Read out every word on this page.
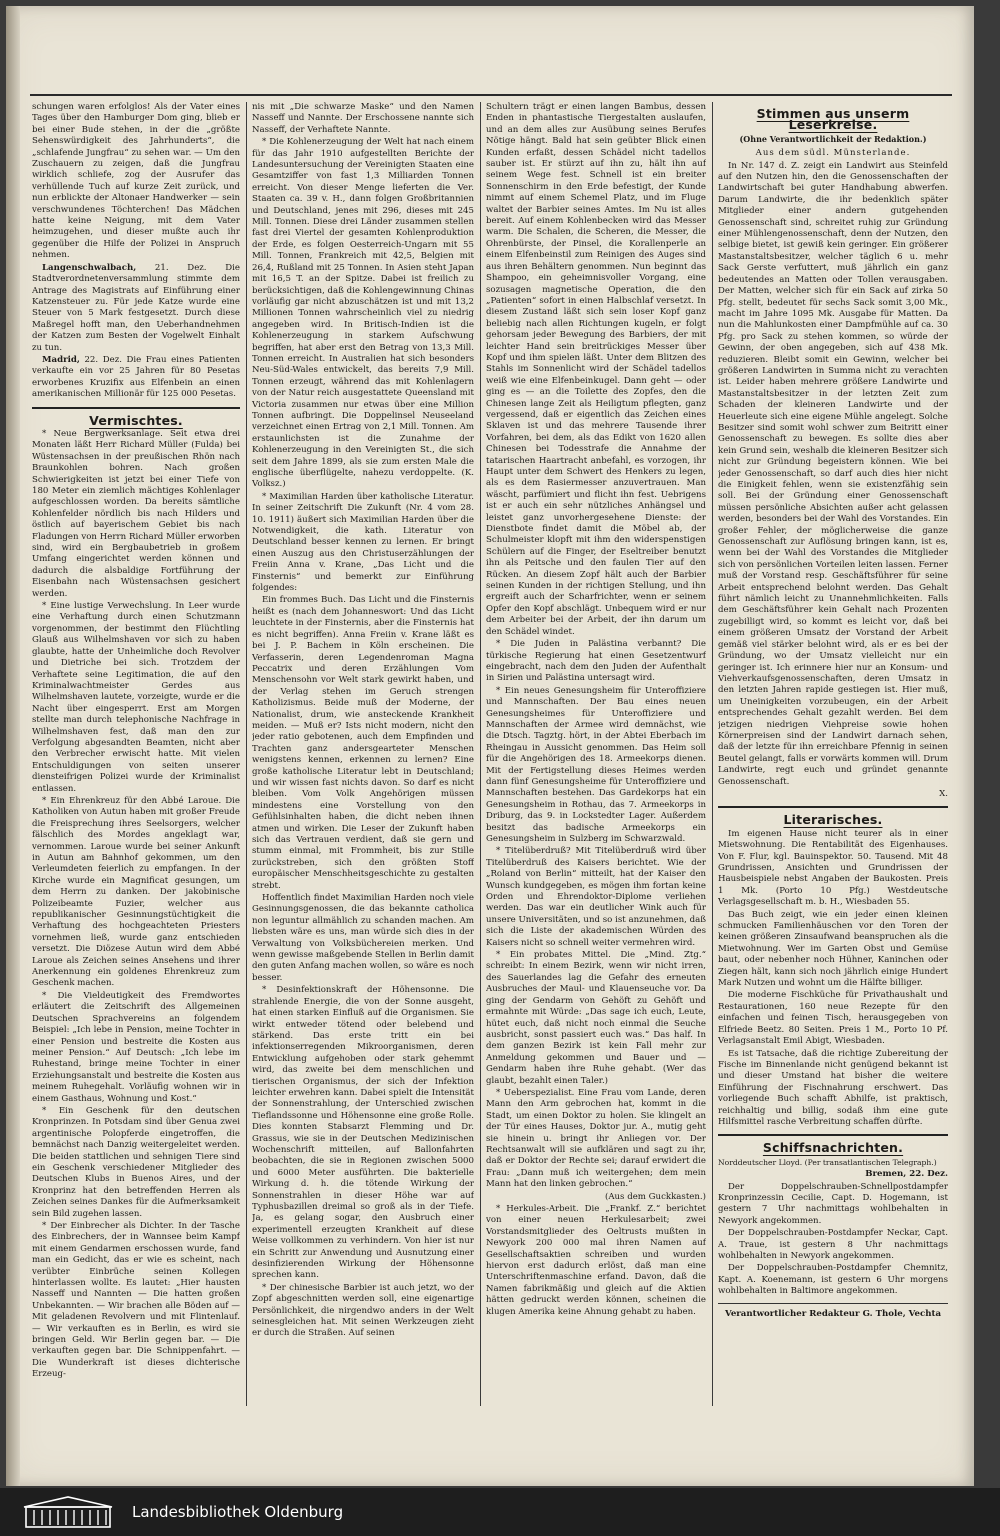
schungen waren erfolglos! Als der Vater eines Tages über den Hamburger Dom ging, blieb er bei einer Bude stehen, in der die „größte Sehenswürdigkeit des Jahrhunderts“, die „schlafende Jungfrau“ zu sehen war. — Um den Zuschauern zu zeigen, daß die Jungfrau wirklich schliefe, zog der Ausrufer das verhüllende Tuch auf kurze Zeit zurück, und nun erblickte der Altonaer Handwerker — sein verschwundenes Töchterchen! Das Mädchen hatte keine Neigung, mit dem Vater heimzugehen, und dieser mußte auch ihr gegenüber die Hilfe der Polizei in Anspruch nehmen.

Langenschwalbach, 21. Dez. Die Stadtverordnetenversammlung stimmte dem Antrage des Magistrats auf Einführung einer Katzensteuer zu. Für jede Katze wurde eine Steuer von 5 Mark festgesetzt. Durch diese Maßregel hofft man, den Ueberhandnehmen der Katzen zum Besten der Vogelwelt Einhalt zu tun.

Madrid, 22. Dez. Die Frau eines Patienten verkaufte ein vor 25 Jahren für 80 Pesetas erworbenes Kruzifix aus Elfenbein an einen amerikanischen Millionär für 125 000 Pesetas.

Vermischtes.

* Neue Bergwerksanlage. Seit etwa drei Monaten läßt Herr Richard Müller (Fulda) bei Wüstensachsen in der preußischen Rhön nach Braunkohlen bohren. Nach großen Schwierigkeiten ist jetzt bei einer Tiefe von 180 Meter ein ziemlich mächtiges Kohlenlager aufgeschlossen worden. Da bereits sämtliche Kohlenfelder nördlich bis nach Hilders und östlich auf bayerischem Gebiet bis nach Fladungen von Herrn Richard Müller erworben sind, wird ein Bergbaubetrieb in großem Umfang eingerichtet werden können und dadurch die alsbaldige Fortführung der Eisenbahn nach Wüstensachsen gesichert werden.

* Eine lustige Verwechslung. In Leer wurde eine Verhaftung durch einen Schutzmann vorgenommen, der bestimmt den Flüchtling Glauß aus Wilhelmshaven vor sich zu haben glaubte, hatte der Unheimliche doch Revolver und Dietriche bei sich. Trotzdem der Verhaftete seine Legitimation, die auf den Kriminalwachtmeister Gerdes aus Wilhelmshaven lautete, vorzeigte, wurde er die Nacht über eingesperrt. Erst am Morgen stellte man durch telephonische Nachfrage in Wilhelmshaven fest, daß man den zur Verfolgung abgesandten Beamten, nicht aber den Verbrecher erwischt hatte. Mit vielen Entschuldigungen von seiten unserer diensteifrigen Polizei wurde der Kriminalist entlassen.

* Ein Ehrenkreuz für den Abbé Laroue. Die Katholiken von Autun haben mit großer Freude die Freisprechung ihres Seelsorgers, welcher fälschlich des Mordes angeklagt war, vernommen. Laroue wurde bei seiner Ankunft in Autun am Bahnhof gekommen, um den Verleumdeten feierlich zu empfangen. In der Kirche wurde ein Magnificat gesungen, um dem Herrn zu danken. Der jakobinische Polizeibeamte Fuzier, welcher aus republikanischer Gesinnungstüchtigkeit die Verhaftung des hochgeachteten Priesters vornehmen ließ, wurde ganz entschieden versetzt. Die Diözese Autun wird dem Abbé Laroue als Zeichen seines Ansehens und ihrer Anerkennung ein goldenes Ehrenkreuz zum Geschenk machen.

* Die Vieldeutigkeit des Fremdwortes erläutert die Zeitschrift des Allgemeinen Deutschen Sprachvereins an folgendem Beispiel: „Ich lebe in Pension, meine Tochter in einer Pension und bestreite die Kosten aus meiner Pension.“ Auf Deutsch: „Ich lebe im Ruhestand, bringe meine Tochter in einer Erziehungsanstalt und bestreite die Kosten aus meinem Ruhegehalt. Vorläufig wohnen wir in einem Gasthaus, Wohnung und Kost.“

* Ein Geschenk für den deutschen Kronprinzen. In Potsdam sind über Genua zwei argentinische Polopferde eingetroffen, die bemnächst nach Danzig weitergeleitet werden. Die beiden stattlichen und sehnigen Tiere sind ein Geschenk verschiedener Mitglieder des Deutschen Klubs in Buenos Aires, und der Kronprinz hat den betreffenden Herren als Zeichen seines Dankes für die Aufmerksamkeit sein Bild zugehen lassen.

* Der Einbrecher als Dichter. In der Tasche des Einbrechers, der in Wannsee beim Kampf mit einem Gendarmen erschossen wurde, fand man ein Gedicht, das er wie es scheint, nach verübter Einbrüche seinen Kollegen hinterlassen wollte. Es lautet: „Hier hausten Nasseff und Nannten — Die hatten großen Unbekannten. — Wir brachen alle Böden auf — Mit geladenen Revolvern und mit Flintenlauf. — Wir verkauften es in Berlin, es wird sie bringen Geld. Wir Berlin gegen bar. — Die verkauften gegen bar. Die Schnippenfahrt. — Die Wunderkraft ist dieses dichterische Erzeug-

nis mit „Die schwarze Maske“ und den Namen Nasseff und Nannte. Der Erschossene nannte sich Nasseff, der Verhaftete Nannte.

* Die Kohlenerzeugung der Welt hat nach einem für das Jahr 1910 aufgestellten Berichte der Landesuntersuchung der Vereinigten Staaten eine Gesamtziffer von fast 1,3 Milliarden Tonnen erreicht. Von dieser Menge lieferten die Ver. Staaten ca. 39 v. H., dann folgen Großbritannien und Deutschland, jenes mit 296, dieses mit 245 Mill. Tonnen. Diese drei Länder zusammen stellen fast drei Viertel der gesamten Kohlenproduktion der Erde, es folgen Oesterreich-Ungarn mit 55 Mill. Tonnen, Frankreich mit 42,5, Belgien mit 26,4, Rußland mit 25 Tonnen. In Asien steht Japan mit 16,5 T. an der Spitze. Dabei ist freilich zu berücksichtigen, daß die Kohlengewinnung Chinas vorläufig gar nicht abzuschätzen ist und mit 13,2 Millionen Tonnen wahrscheinlich viel zu niedrig angegeben wird. In Britisch-Indien ist die Kohlenerzeugung in starkem Aufschwung begriffen, hat aber erst den Betrag von 13,3 Mill. Tonnen erreicht. In Australien hat sich besonders Neu-Süd-Wales entwickelt, das bereits 7,9 Mill. Tonnen erzeugt, während das mit Kohlenlagern von der Natur reich ausgestattete Queensland mit Victoria zusammen nur etwas über eine Million Tonnen aufbringt. Die Doppelinsel Neuseeland verzeichnet einen Ertrag von 2,1 Mill. Tonnen. Am erstaunlichsten ist die Zunahme der Kohlenerzeugung in den Vereinigten St., die sich seit dem Jahre 1899, als sie zum ersten Male die englische überflügelte, nahezu verdoppelte. (K. Volksz.)

* Maximilian Harden über katholische Literatur. In seiner Zeitschrift Die Zukunft (Nr. 4 vom 28. 10. 1911) äußert sich Maximilian Harden über die Notwendigkeit, die kath. Literatur von Deutschland besser kennen zu lernen. Er bringt einen Auszug aus den Christuserzählungen der Freiin Anna v. Krane, „Das Licht und die Finsternis“ und bemerkt zur Einführung folgendes:

Ein frommes Buch. Das Licht und die Finsternis heißt es (nach dem Johanneswort: Und das Licht leuchtete in der Finsternis, aber die Finsternis hat es nicht begriffen). Anna Freiin v. Krane läßt es bei J. P. Bachem in Köln erscheinen. Die Verfasserin, deren Legendenroman Magna Peccatrix und deren Erzählungen Vom Menschensohn vor Welt stark gewirkt haben, und der Verlag stehen im Geruch strengen Katholizismus. Beide muß der Moderne, der Nationalist, drum, wie ansteckende Krankheit meiden. — Muß er? Ists nicht modern, nicht den jeder ratio gebotenen, auch dem Empfinden und Trachten ganz andersgearteter Menschen wenigstens kennen, erkennen zu lernen? Eine große katholische Literatur lebt in Deutschland; und wir wissen fast nichts davon. So darf es nicht bleiben. Vom Volk Angehörigen müssen mindestens eine Vorstellung von den Gefühlsinhalten haben, die dicht neben ihnen atmen und wirken. Die Leser der Zukunft haben sich das Vertrauen verdient, daß sie gern und stumm einmal, mit Frommheit, bis zur Stille zurückstreben, sich den größten Stoff europäischer Menschheitsgeschichte zu gestalten strebt.

Hoffentlich findet Maximilian Harden noch viele Gesinnungsgenossen, die das bekannte catholica non leguntur allmählich zu schanden machen. Am liebsten wäre es uns, man würde sich dies in der Verwaltung von Volksbüchereien merken. Und wenn gewisse maßgebende Stellen in Berlin damit den guten Anfang machen wollen, so wäre es noch besser.

* Desinfektionskraft der Höhensonne. Die strahlende Energie, die von der Sonne ausgeht, hat einen starken Einfluß auf die Organismen. Sie wirkt entweder tötend oder belebend und stärkend. Das erste tritt ein bei infektionserregenden Mikroorganismen, deren Entwicklung aufgehoben oder stark gehemmt wird, das zweite bei dem menschlichen und tierischen Organismus, der sich der Infektion leichter erwehren kann. Dabei spielt die Intensität der Sonnenstrahlung, der Unterschied zwischen Tieflandssonne und Höhensonne eine große Rolle. Dies konnten Stabsarzt Flemming und Dr. Grassus, wie sie in der Deutschen Medizinischen Wochenschrift mitteilen, auf Ballonfahrten beobachten, die sie in Regionen zwischen 5000 und 6000 Meter ausführten. Die bakterielle Wirkung d. h. die tötende Wirkung der Sonnenstrahlen in dieser Höhe war auf Typhusbazillen dreimal so groß als in der Tiefe. Ja, es gelang sogar, den Ausbruch einer experimentell erzeugten Krankheit auf diese Weise vollkommen zu verhindern. Von hier ist nur ein Schritt zur Anwendung und Ausnutzung einer desinfizierenden Wirkung der Höhensonne sprechen kann.

* Der chinesische Barbier ist auch jetzt, wo der Zopf abgeschnitten werden soll, eine eigenartige Persönlichkeit, die nirgendwo anders in der Welt seinesgleichen hat. Mit seinen Werkzeugen zieht er durch die Straßen. Auf seinen

Schultern trägt er einen langen Bambus, dessen Enden in phantastische Tiergestalten auslaufen, und an dem alles zur Ausübung seines Berufes Nötige hängt. Bald hat sein geübter Blick einen Kunden erfaßt, dessen Schädel nicht tadellos sauber ist. Er stürzt auf ihn zu, hält ihn auf seinem Wege fest. Schnell ist ein breiter Sonnenschirm in den Erde befestigt, der Kunde nimmt auf einem Schemel Platz, und im Fluge waltet der Barbier seines Amtes. Im Nu ist alles bereit. Auf einem Kohlenbecken wird das Messer warm. Die Schalen, die Scheren, die Messer, die Ohrenbürste, der Pinsel, die Korallenperle an einem Elfenbeinstil zum Reinigen des Auges sind aus ihren Behältern genommen. Nun beginnt das Shampoo, ein geheimnisvoller Vorgang, eine sozusagen magnetische Operation, die den „Patienten“ sofort in einen Halbschlaf versetzt. In diesem Zustand läßt sich sein loser Kopf ganz beliebig nach allen Richtungen kugeln, er folgt gehorsam jeder Bewegung des Barbiers, der mit leichter Hand sein breitrückiges Messer über Kopf und ihm spielen läßt. Unter dem Blitzen des Stahls im Sonnenlicht wird der Schädel tadellos weiß wie eine Elfenbeinkugel. Dann geht — oder ging es — an die Toilette des Zopfes, den die Chinesen lange Zeit als Heiligtum pflegten, ganz vergessend, daß er eigentlich das Zeichen eines Sklaven ist und das mehrere Tausende ihrer Vorfahren, bei dem, als das Edikt von 1620 allen Chinesen bei Todesstrafe die Annahme der tatarischen Haartracht anbefahl, es vorzogen, ihr Haupt unter dem Schwert des Henkers zu legen, als es dem Rasiermesser anzuvertrauen. Man wäscht, parfümiert und flicht ihn fest. Uebrigens ist er auch ein sehr nützliches Anhängsel und leistet ganz unvorhergesehene Dienste: der Dienstbote findet damit die Möbel ab, der Schulmeister klopft mit ihm den widerspenstigen Schülern auf die Finger, der Eseltreiber benutzt ihn als Peitsche und den faulen Tier auf den Rücken. An diesem Zopf hält auch der Barbier seinen Kunden in der richtigen Stellung, und ihn ergreift auch der Scharfrichter, wenn er seinem Opfer den Kopf abschlägt. Unbequem wird er nur dem Arbeiter bei der Arbeit, der ihn darum um den Schädel windet.

* Die Juden in Palästina verbannt? Die türkische Regierung hat einen Gesetzentwurf eingebracht, nach dem den Juden der Aufenthalt in Sirien und Palästina untersagt wird.

* Ein neues Genesungsheim für Unteroffiziere und Mannschaften. Der Bau eines neuen Genesungsheimes für Unteroffiziere und Mannschaften der Armee wird demnächst, wie die Dtsch. Tagztg. hört, in der Abtei Eberbach im Rheingau in Aussicht genommen. Das Heim soll für die Angehörigen des 18. Armeekorps dienen. Mit der Fertigstellung dieses Heimes werden dann fünf Genesungsheime für Unteroffiziere und Mannschaften bestehen. Das Gardekorps hat ein Genesungsheim in Rothau, das 7. Armeekorps in Driburg, das 9. in Lockstedter Lager. Außerdem besitzt das badische Armeekorps ein Genesungsheim in Sulzberg im Schwarzwald.

* Titelüberdruß? Mit Titelüberdruß wird über Titelüberdruß des Kaisers berichtet. Wie der „Roland von Berlin“ mitteilt, hat der Kaiser den Wunsch kundgegeben, es mögen ihm fortan keine Orden und Ehrendoktor-Diplome verliehen werden. Das war ein deutlicher Wink auch für unsere Universitäten, und so ist anzunehmen, daß sich die Liste der akademischen Würden des Kaisers nicht so schnell weiter vermehren wird.

* Ein probates Mittel. Die „Mind. Ztg.“ schreibt: In einem Bezirk, wenn wir nicht irren, des Sauerlandes lag die Gefahr des erneuten Ausbruches der Maul- und Klauenseuche vor. Da ging der Gendarm von Gehöft zu Gehöft und ermahnte mit Würde: „Das sage ich euch, Leute, hütet euch, daß nicht noch einmal die Seuche ausbricht, sonst passiert euch was.“ Das half. In dem ganzen Bezirk ist kein Fall mehr zur Anmeldung gekommen und Bauer und — Gendarm haben ihre Ruhe gehabt. (Wer das glaubt, bezahlt einen Taler.)

* Ueberspezialist. Eine Frau vom Lande, deren Mann den Arm gebrochen hat, kommt in die Stadt, um einen Doktor zu holen. Sie klingelt an der Tür eines Hauses, Doktor jur. A., mutig geht sie hinein u. bringt ihr Anliegen vor. Der Rechtsanwalt will sie aufklären und sagt zu ihr, daß er Doktor der Rechte sei; darauf erwidert die Frau: „Dann muß ich weitergehen; dem mein Mann hat den linken gebrochen.“

(Aus dem Guckkasten.)

* Herkules-Arbeit. Die „Frankf. Z.“ berichtet von einer neuen Herkulesarbeit; zwei Vorstandsmitglieder des Oeltrusts mußten in Newyork 200 000 mal ihren Namen auf Gesellschaftsaktien schreiben und wurden hiervon erst dadurch erlöst, daß man eine Unterschriftenmaschine erfand. Davon, daß die Namen fabrikmäßig und gleich auf die Aktien hätten gedruckt werden können, scheinen die klugen Amerika keine Ahnung gehabt zu haben.

Stimmen aus unserm Leserkreise.
(Ohne Verantwortlichkeit der Redaktion.)

Aus dem südl. Münsterlande.

In Nr. 147 d. Z. zeigt ein Landwirt aus Steinfeld auf den Nutzen hin, den die Genossenschaften der Landwirtschaft bei guter Handhabung abwerfen. Darum Landwirte, die ihr bedenklich später Mitglieder einer andern gutgehenden Genossenschaft sind, schreitet ruhig zur Gründung einer Mühlengenossenschaft, denn der Nutzen, den selbige bietet, ist gewiß kein geringer. Ein größerer Mastanstaltsbesitzer, welcher täglich 6 u. mehr Sack Gerste verfuttert, muß jährlich ein ganz bedeutendes an Matten oder Tollen verausgaben. Der Matten, welcher sich für ein Sack auf zirka 50 Pfg. stellt, bedeutet für sechs Sack somit 3,00 Mk., macht im Jahre 1095 Mk. Ausgabe für Matten. Da nun die Mahlunkosten einer Dampfmühle auf ca. 30 Pfg. pro Sack zu stehen kommen, so würde der Gewinn, der oben angegeben, sich auf 438 Mk. reduzieren. Bleibt somit ein Gewinn, welcher bei größeren Landwirten in Summa nicht zu verachten ist. Leider haben mehrere größere Landwirte und Mastanstaltsbesitzer in der letzten Zeit zum Schaden der kleineren Landwirte und der Heuerleute sich eine eigene Mühle angelegt. Solche Besitzer sind somit wohl schwer zum Beitritt einer Genossenschaft zu bewegen. Es sollte dies aber kein Grund sein, weshalb die kleineren Besitzer sich nicht zur Gründung begeistern können. Wie bei jeder Genossenschaft, so darf auch dies hier nicht die Einigkeit fehlen, wenn sie existenzfähig sein soll. Bei der Gründung einer Genossenschaft müssen persönliche Absichten außer acht gelassen werden, besonders bei der Wahl des Vorstandes. Ein großer Fehler, der möglicherweise die ganze Genossenschaft zur Auflösung bringen kann, ist es, wenn bei der Wahl des Vorstandes die Mitglieder sich von persönlichen Vorteilen leiten lassen. Ferner muß der Vorstand resp. Geschäftsführer für seine Arbeit entsprechend belohnt werden. Das Gehalt führt nämlich leicht zu Unannehmlichkeiten. Falls dem Geschäftsführer kein Gehalt nach Prozenten zugebilligt wird, so kommt es leicht vor, daß bei einem größeren Umsatz der Vorstand der Arbeit gemäß viel stärker belohnt wird, als er es bei der Gründung, wo der Umsatz vielleicht nur ein geringer ist. Ich erinnere hier nur an Konsum- und Viehverkaufsgenossenschaften, deren Umsatz in den letzten Jahren rapide gestiegen ist. Hier muß, um Uneinigkeiten vorzubeugen, ein der Arbeit entsprechendes Gehalt gezahlt werden. Bei dem jetzigen niedrigen Viehpreise sowie hohen Körnerpreisen sind der Landwirt darnach sehen, daß der letzte für ihn erreichbare Pfennig in seinen Beutel gelangt, falls er vorwärts kommen will. Drum Landwirte, regt euch und gründet genannte Genossenschaft.

X.

Literarisches.

Im eigenen Hause nicht teurer als in einer Mietswohnung. Die Rentabilität des Eigenhauses. Von F. Flur, kgl. Bauinspektor. 50. Tausend. Mit 48 Grundrissen, Ansichten und Grundrissen der Hausbeispiele nebst Angaben der Baukosten. Preis 1 Mk. (Porto 10 Pfg.) Westdeutsche Verlagsgesellschaft m. b. H., Wiesbaden 55.

Das Buch zeigt, wie ein jeder einen kleinen schmucken Familienhäuschen vor den Toren der keinen größeren Zinsaufwand beanspruchen als die Mietwohnung. Wer im Garten Obst und Gemüse baut, oder nebenher noch Hühner, Kaninchen oder Ziegen hält, kann sich noch jährlich einige Hundert Mark Nutzen und wohnt um die Hälfte billiger.

Die moderne Fischküche für Privathaushalt und Restaurationen, 160 neue Rezepte für den einfachen und feinen Tisch, herausgegeben von Elfriede Beetz. 80 Seiten. Preis 1 M., Porto 10 Pf. Verlagsanstalt Emil Abigt, Wiesbaden.

Es ist Tatsache, daß die richtige Zubereitung der Fische im Binnenlande nicht genügend bekannt ist und dieser Umstand hat bisher die weitere Einführung der Fischnahrung erschwert. Das vorliegende Buch schafft Abhilfe, ist praktisch, reichhaltig und billig, sodaß ihm eine gute Hilfsmittel rasche Verbreitung schaffen dürfte.

Schiffsnachrichten.

Norddeutscher Lloyd. (Per transatlantischen Telegraph.)

Bremen, 22. Dez.

Der Doppelschrauben-Schnellpostdampfer Kronprinzessin Cecilie, Capt. D. Hogemann, ist gestern 7 Uhr nachmittags wohlbehalten in Newyork angekommen.

Der Doppelschrauben-Postdampfer Neckar, Capt. A. Traue, ist gestern 8 Uhr nachmittags wohlbehalten in Newyork angekommen.

Der Doppelschrauben-Postdampfer Chemnitz, Kapt. A. Koenemann, ist gestern 6 Uhr morgens wohlbehalten in Baltimore angekommen.

Verantwortlicher Redakteur G. Thole, Vechta

Landesbibliothek Oldenburg
